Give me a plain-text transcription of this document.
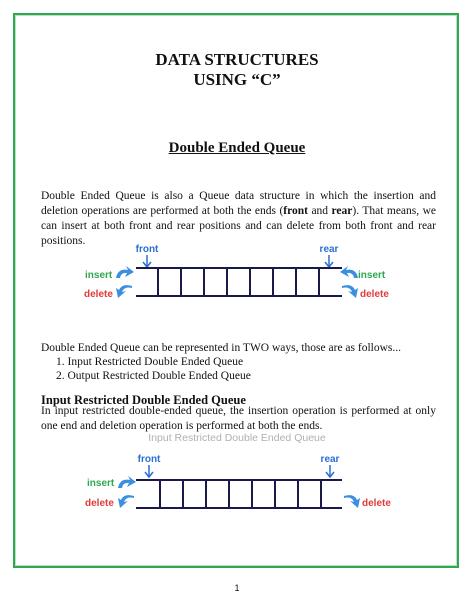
DATA STRUCTURES
USING “C”
Double Ended Queue
Double Ended Queue is also a Queue data structure in which the insertion and deletion operations are performed at both the ends (front and rear). That means, we can insert at both front and rear positions and can delete from both front and rear positions.
front	rear
insert
delete
insert
delete
Double Ended Queue can be represented in TWO ways, those are as follows...
1. Input Restricted Double Ended Queue
2. Output Restricted Double Ended Queue
Input Restricted Double Ended Queue
In input restricted double-ended queue, the insertion operation is performed at only one end and deletion operation is performed at both the ends.
Input Restricted Double Ended Queue
front	rear
insert
delete	delete
1
